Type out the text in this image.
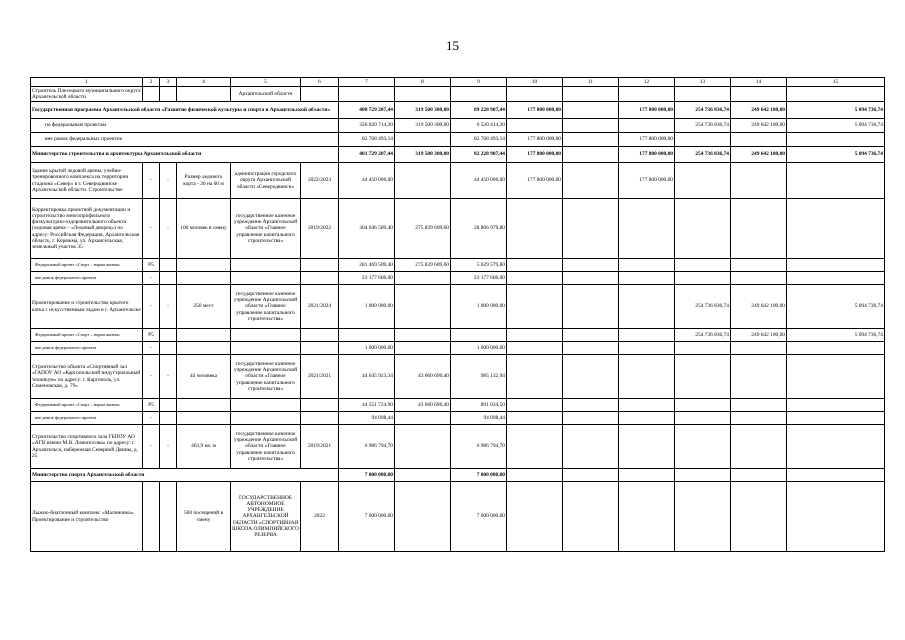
15
1	2	3	4	5	6	7	8	9	10	11	12	13	14	15
Строитель Плесецкого муниципального округа Архангельской области				Архангельской области										
Государственная программа Архангельской области «Развитие физической культуры и спорта в Архангельской области»						408 729 207,44	319 500 300,00	89 228 907,44	177 800 000,00		177 800 000,00	254 736 836,74	249 642 100,00	5 094 736,74
по федеральным проектам						326 020 714,30	319 500 300,00	6 520 414,30				254 736 836,74	249 642 100,00	5 094 736,74
вне рамок федеральных проектов						82 708 493,14		82 708 493,14	177 800 000,00		177 800 000,00			
Министерство строительства и архитектуры Архангельской области						401 729 207,44	319 500 300,00	82 228 907,44	177 800 000,00		177 800 000,00	254 736 836,74	249 642 100,00	5 094 736,74
Здание крытой ледовой арены, учебно-тренировочного комплекса на территории стадиона «Север» в г. Северодвинске Архангельской области. Строительство	-	-	Размер ледового корта - 26 на 60 м	администрация городского округа Архангельской области «Северодвинск»	2022/2023	44 450 000,00		44 450 000,00	177 800 000,00		177 800 000,00			
Корректировка проектной документации и строительство многопрофильного физкультурно-оздоровительного объекта (ледовая арена – «Ледовый дворец») по адресу: Российская Федерация, Архангельская область, г. Коряжма, ул. Архангельская, земельный участок 35	-	-	100 человек в смену	государственное казенное учреждение Архангельской области «Главное управление капитального строительства»	2019/2022	304 646 589,40	275 839 609,60	28 806 979,80						
Федеральный проект «Спорт – норма жизни»	P5					281 469 509,40	275 839 609,60	5 629 579,80						
вне рамок федерального проекта	-					23 177 600,00		23 177 600,00						
Проектирование и строительство крытого катка с искусственным льдом в г. Архангельске	-	-	250 мест	государственное казенное учреждение Архангельской области «Главное управление капитального строительства»	2021/2024	1 000 000,00		1 000 000,00				254 736 836,74	249 642 100,00	5 094 736,74
Федеральный проект «Спорт – норма жизни»	P5											254 736 836,74	249 642 100,00	5 094 736,74
вне рамок федерального проекта	-					1 000 000,00		1 000 000,00						
Строительство объекта «Спортивный зал «ГАПОУ АО «Каргопольский индустриальный техникум» по адресу: г. Каргополь, ул. Семеновская, д. 79»	-	-	44 человека	государственное казенное учреждение Архангельской области «Главное управление капитального строительства»	2021/2021	44 645 923,34	43 660 690,40	985 132,94						
Федеральный проект «Спорт – норма жизни»	P5					44 551 724,90	43 660 690,40	891 034,50						
вне рамок федерального проекта	-					94 098,44		94 098,44						
Строительство спортивного зала ГБПОУ АО «АГВ имени М.В. Ломоносова» по адресу: г. Архангельск, набережная Северной Двины, д. 25	-	-	463,9 кв. м	государственное казенное учреждение Архангельской области «Главное управление капитального строительства»	2019/2021	6 986 794,70		6 986 794,70						
Министерство спорта Архангельской области						7 000 000,00		7 000 000,00						
Лыжно-биатлонный комплекс «Малиновка». Проектирование и строительство			500 посещений в смену	ГОСУДАРСТВЕННОЕ АВТОНОМНОЕ УЧРЕЖДЕНИЕ АРХАНГЕЛЬСКОЙ ОБЛАСТИ «СПОРТИВНАЯ ШКОЛА ОЛИМПИЙСКОГО РЕЗЕРВА	2022	7 000 000,00		7 000 000,00						
